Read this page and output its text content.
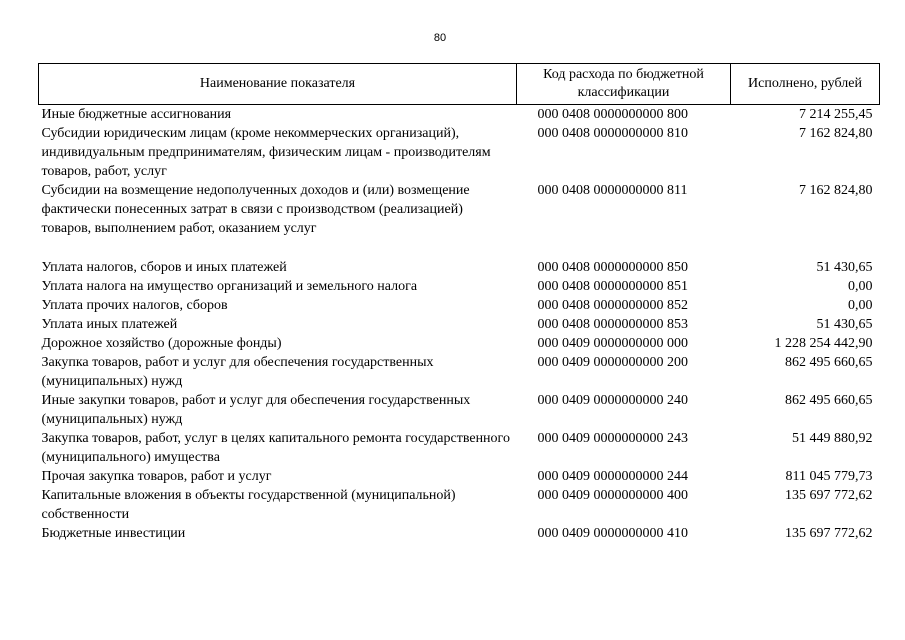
80
Наименование показателя	Код расхода по бюджетной классификации	Исполнено, рублей
Иные бюджетные ассигнования	000 0408 0000000000 800	7 214 255,45
Субсидии юридическим лицам (кроме некоммерческих организаций), индивидуальным предпринимателям, физическим лицам - производителям товаров, работ, услуг	000 0408 0000000000 810	7 162 824,80
Субсидии на возмещение недополученных доходов и (или) возмещение фактически понесенных затрат в связи с производством (реализацией) товаров, выполнением работ, оказанием услуг	000 0408 0000000000 811	7 162 824,80

Уплата налогов, сборов и иных платежей	000 0408 0000000000 850	51 430,65
Уплата налога на имущество организаций и земельного налога	000 0408 0000000000 851	0,00
Уплата прочих налогов, сборов	000 0408 0000000000 852	0,00
Уплата иных платежей	000 0408 0000000000 853	51 430,65
Дорожное хозяйство (дорожные фонды)	000 0409 0000000000 000	1 228 254 442,90
Закупка товаров, работ и услуг для обеспечения государственных (муниципальных) нужд	000 0409 0000000000 200	862 495 660,65
Иные закупки товаров, работ и услуг для обеспечения государственных (муниципальных) нужд	000 0409 0000000000 240	862 495 660,65
Закупка товаров, работ, услуг в целях капитального ремонта государственного (муниципального) имущества	000 0409 0000000000 243	51 449 880,92
Прочая закупка товаров, работ и услуг	000 0409 0000000000 244	811 045 779,73
Капитальные вложения в объекты государственной (муниципальной) собственности	000 0409 0000000000 400	135 697 772,62
Бюджетные инвестиции	000 0409 0000000000 410	135 697 772,62
